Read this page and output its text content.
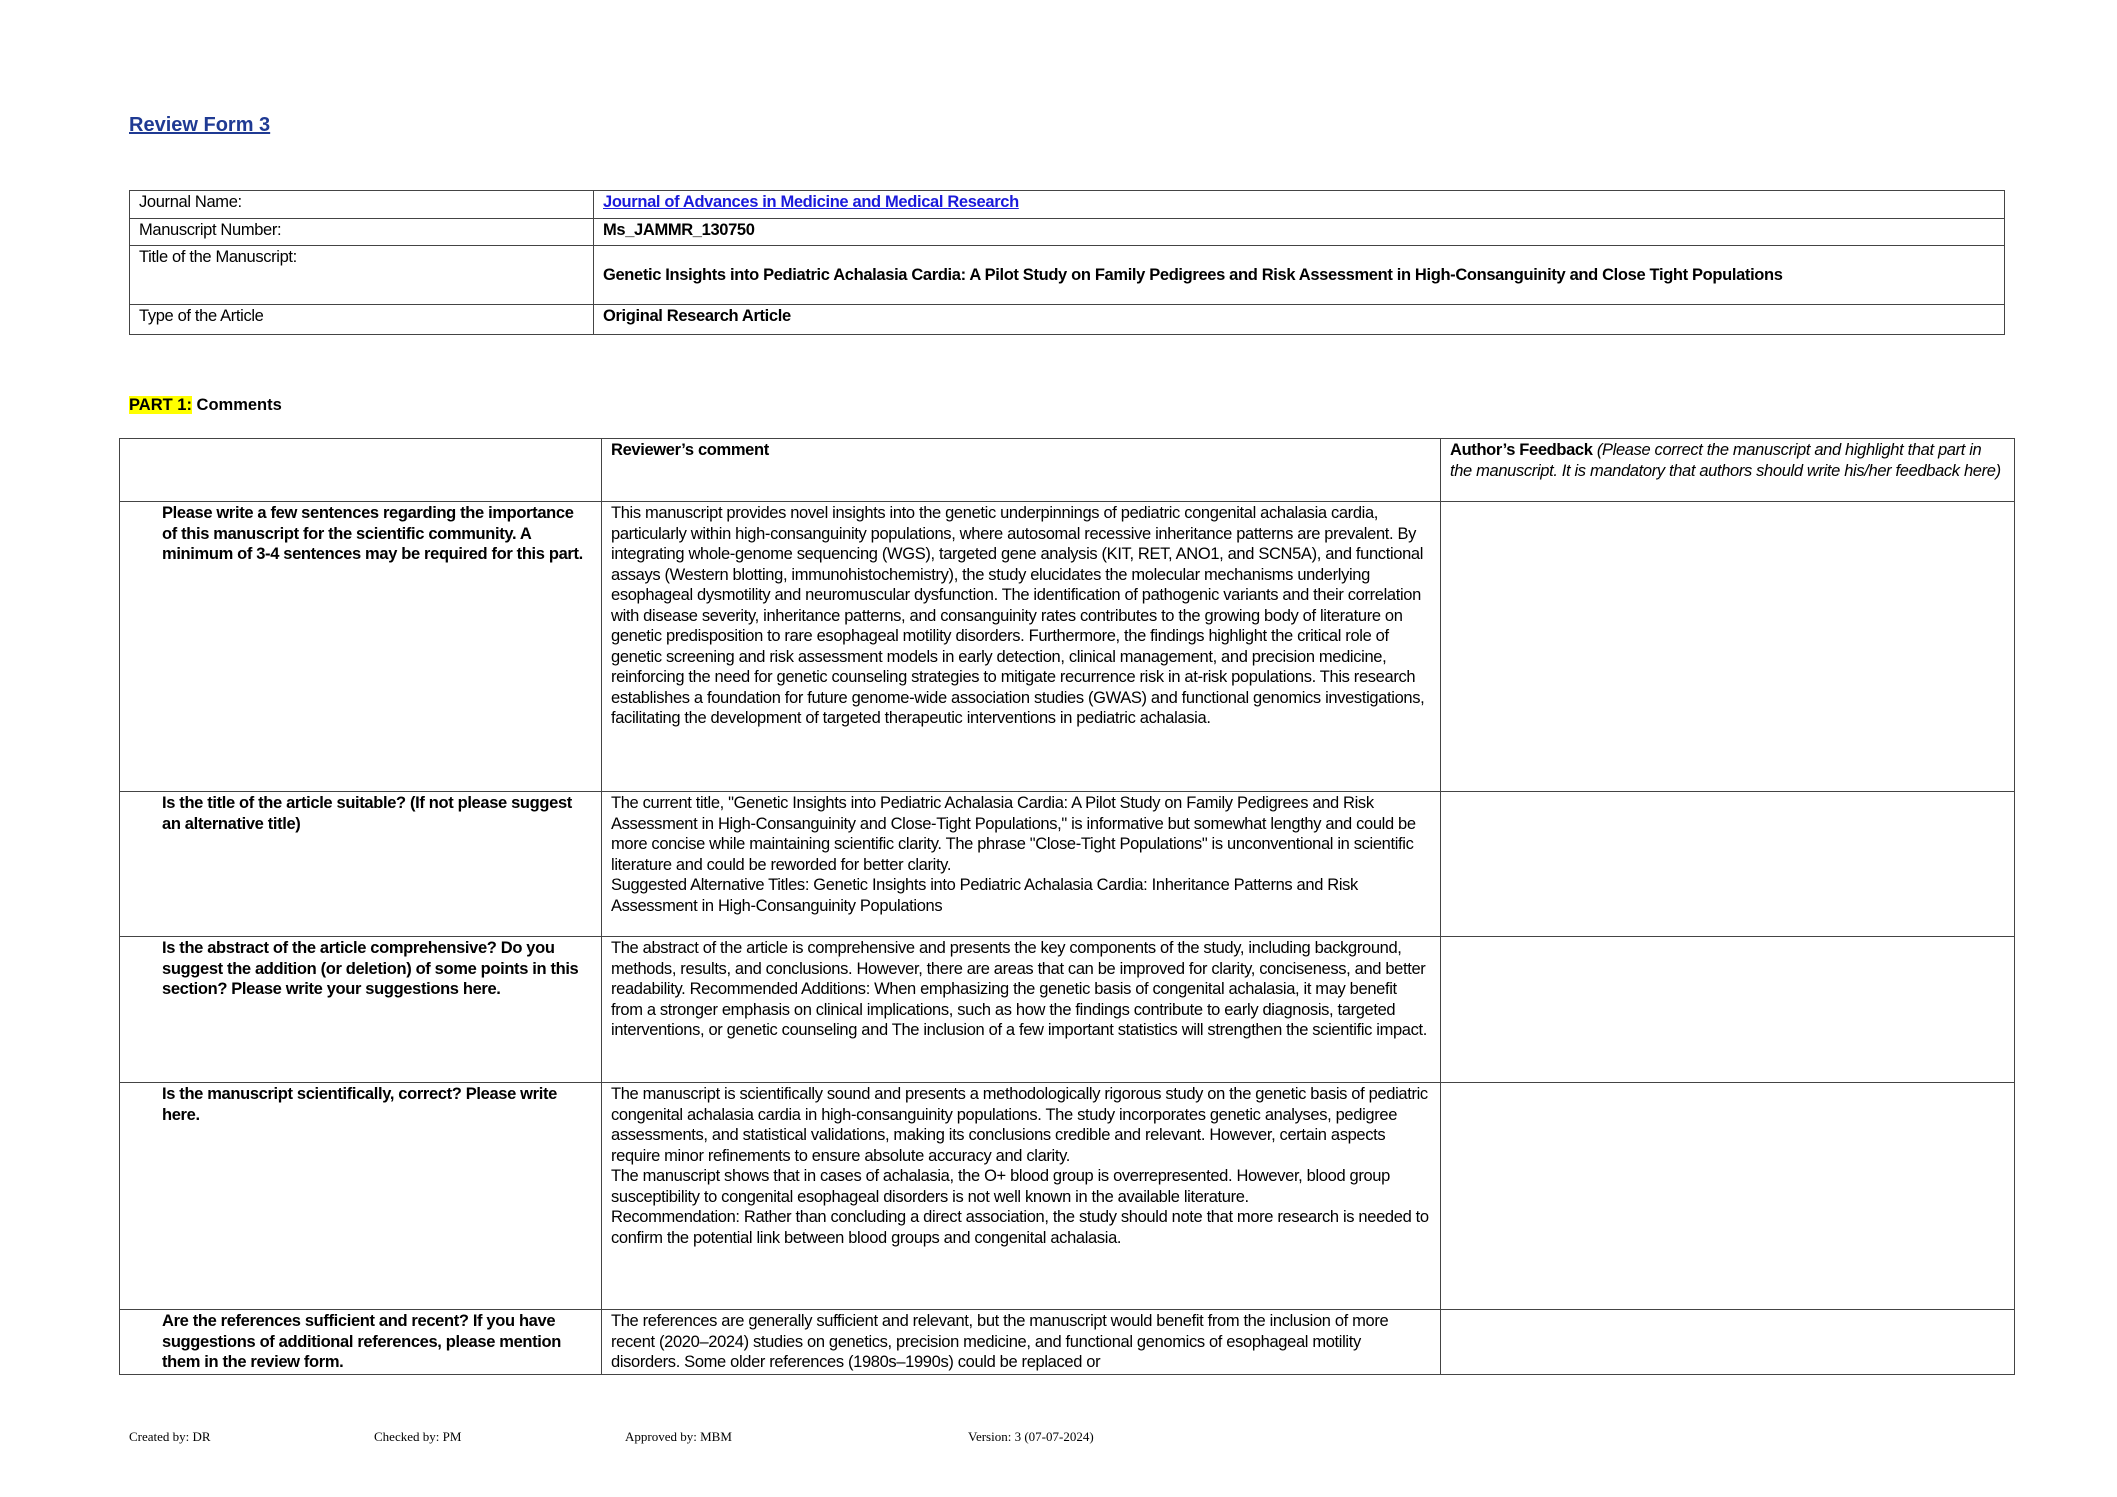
Review Form 3
Journal Name:	Journal of Advances in Medicine and Medical Research
Manuscript Number:	Ms_JAMMR_130750
Title of the Manuscript:	Genetic Insights into Pediatric Achalasia Cardia: A Pilot Study on Family Pedigrees and Risk Assessment in High-Consanguinity and Close Tight Populations
Type of the Article	Original Research Article
PART 1: Comments
	Reviewer’s comment	Author’s Feedback (Please correct the manuscript and highlight that part in the manuscript. It is mandatory that authors should write his/her feedback here)
Please write a few sentences regarding the importance of this manuscript for the scientific community. A minimum of 3-4 sentences may be required for this part.	This manuscript provides novel insights into the genetic underpinnings of pediatric congenital achalasia cardia, particularly within high-consanguinity populations, where autosomal recessive inheritance patterns are prevalent. By integrating whole-genome sequencing (WGS), targeted gene analysis (KIT, RET, ANO1, and SCN5A), and functional assays (Western blotting, immunohistochemistry), the study elucidates the molecular mechanisms underlying esophageal dysmotility and neuromuscular dysfunction. The identification of pathogenic variants and their correlation with disease severity, inheritance patterns, and consanguinity rates contributes to the growing body of literature on genetic predisposition to rare esophageal motility disorders. Furthermore, the findings highlight the critical role of genetic screening and risk assessment models in early detection, clinical management, and precision medicine, reinforcing the need for genetic counseling strategies to mitigate recurrence risk in at-risk populations. This research establishes a foundation for future genome-wide association studies (GWAS) and functional genomics investigations, facilitating the development of targeted therapeutic interventions in pediatric achalasia.	

Is the title of the article suitable? (If not please suggest an alternative title)	The current title, "Genetic Insights into Pediatric Achalasia Cardia: A Pilot Study on Family Pedigrees and Risk Assessment in High-Consanguinity and Close-Tight Populations," is informative but somewhat lengthy and could be more concise while maintaining scientific clarity. The phrase "Close-Tight Populations" is unconventional in scientific literature and could be reworded for better clarity.
Suggested Alternative Titles: Genetic Insights into Pediatric Achalasia Cardia: Inheritance Patterns and Risk Assessment in High-Consanguinity Populations	

Is the abstract of the article comprehensive? Do you suggest the addition (or deletion) of some points in this section? Please write your suggestions here.	The abstract of the article is comprehensive and presents the key components of the study, including background, methods, results, and conclusions. However, there are areas that can be improved for clarity, conciseness, and better readability. Recommended Additions: When emphasizing the genetic basis of congenital achalasia, it may benefit from a stronger emphasis on clinical implications, such as how the findings contribute to early diagnosis, targeted interventions, or genetic counseling and The inclusion of a few important statistics will strengthen the scientific impact.	

Is the manuscript scientifically, correct? Please write here.	The manuscript is scientifically sound and presents a methodologically rigorous study on the genetic basis of pediatric congenital achalasia cardia in high-consanguinity populations. The study incorporates genetic analyses, pedigree assessments, and statistical validations, making its conclusions credible and relevant. However, certain aspects require minor refinements to ensure absolute accuracy and clarity.
The manuscript shows that in cases of achalasia, the O+ blood group is overrepresented. However, blood group susceptibility to congenital esophageal disorders is not well known in the available literature.
Recommendation: Rather than concluding a direct association, the study should note that more research is needed to confirm the potential link between blood groups and congenital achalasia.	

Are the references sufficient and recent? If you have suggestions of additional references, please mention them in the review form.	The references are generally sufficient and relevant, but the manuscript would benefit from the inclusion of more recent (2020–2024) studies on genetics, precision medicine, and functional genomics of esophageal motility disorders. Some older references (1980s–1990s) could be replaced or	

Created by: DR	Checked by: PM	Approved by: MBM	Version: 3 (07-07-2024)
